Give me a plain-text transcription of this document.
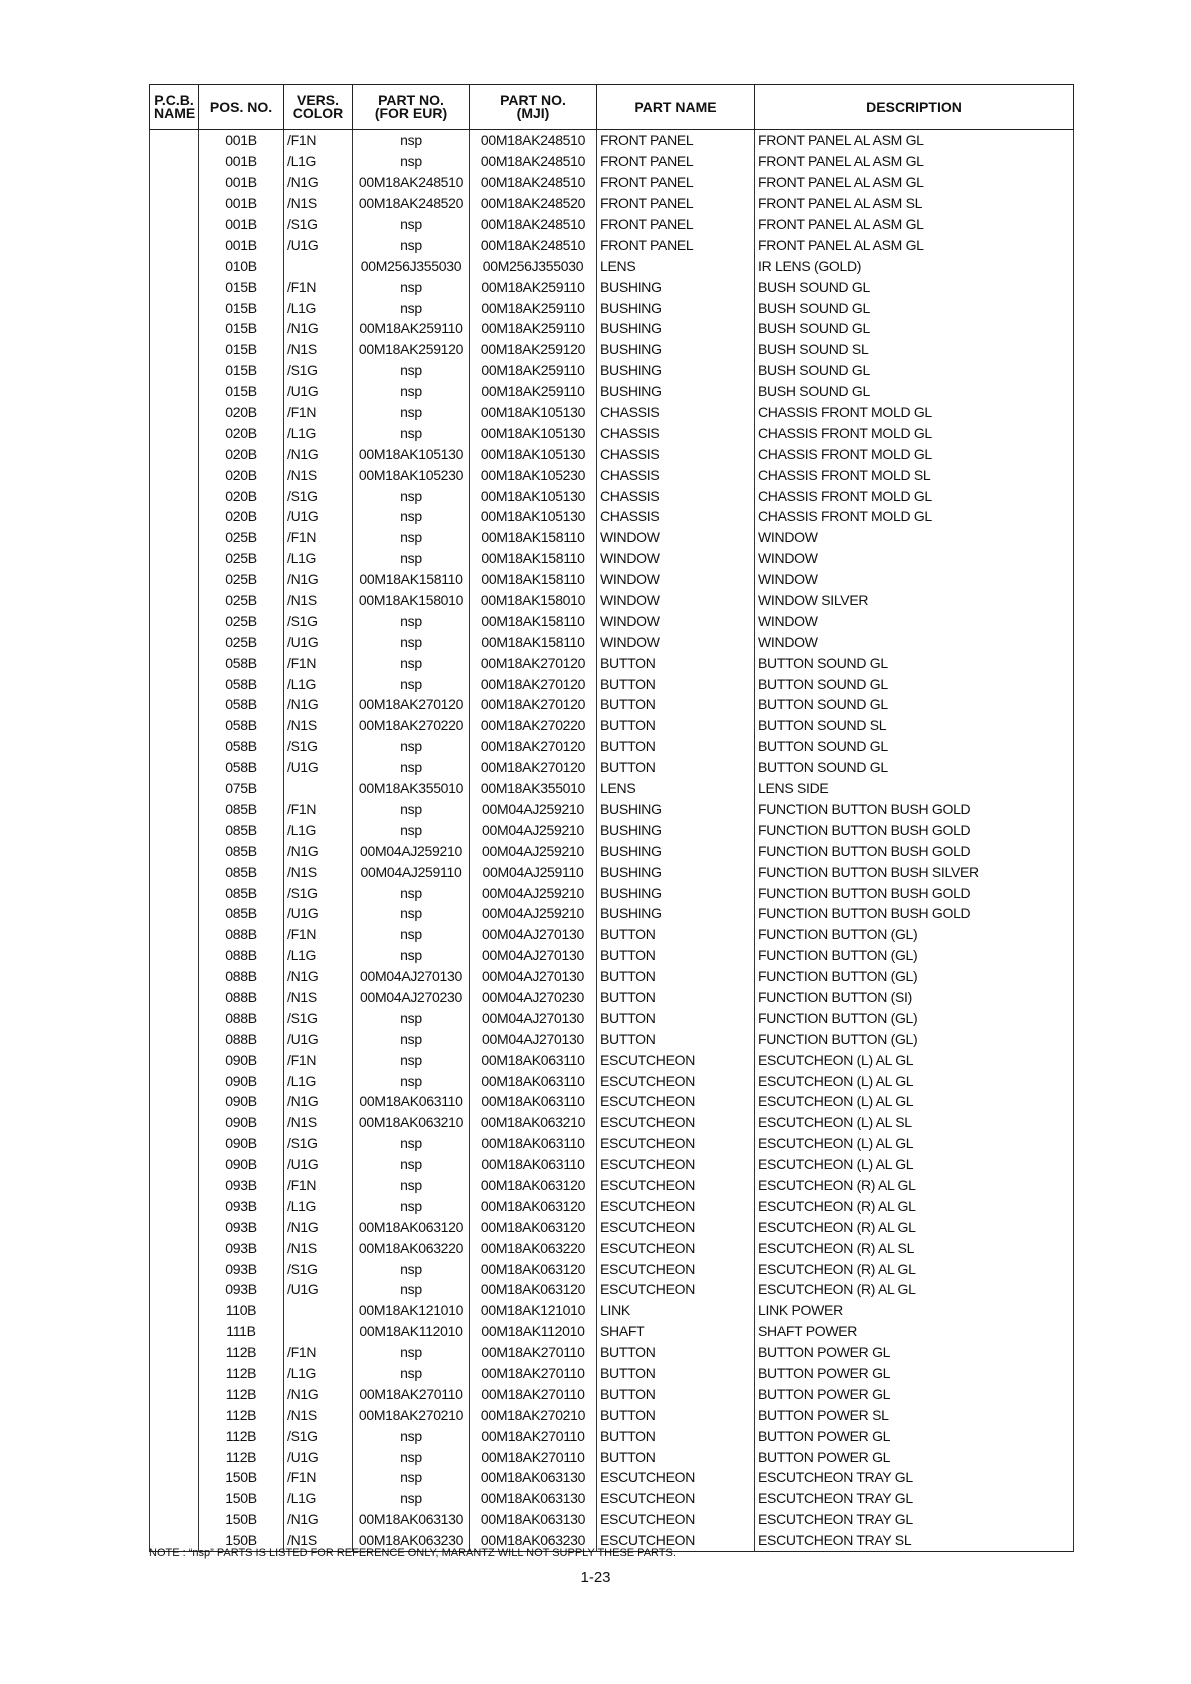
P.C.B. NAME	POS. NO.	VERS. COLOR	PART NO. (FOR EUR)	PART NO. (MJI)	PART NAME	DESCRIPTION
	001B	/F1N	nsp	00M18AK248510	FRONT PANEL	FRONT PANEL AL ASM GL
	001B	/L1G	nsp	00M18AK248510	FRONT PANEL	FRONT PANEL AL ASM GL
	001B	/N1G	00M18AK248510	00M18AK248510	FRONT PANEL	FRONT PANEL AL ASM GL
	001B	/N1S	00M18AK248520	00M18AK248520	FRONT PANEL	FRONT PANEL AL ASM SL
	001B	/S1G	nsp	00M18AK248510	FRONT PANEL	FRONT PANEL AL ASM GL
	001B	/U1G	nsp	00M18AK248510	FRONT PANEL	FRONT PANEL AL ASM GL
	010B		00M256J355030	00M256J355030	LENS	IR LENS (GOLD)
	015B	/F1N	nsp	00M18AK259110	BUSHING	BUSH SOUND GL
	015B	/L1G	nsp	00M18AK259110	BUSHING	BUSH SOUND GL
	015B	/N1G	00M18AK259110	00M18AK259110	BUSHING	BUSH SOUND GL
	015B	/N1S	00M18AK259120	00M18AK259120	BUSHING	BUSH SOUND SL
	015B	/S1G	nsp	00M18AK259110	BUSHING	BUSH SOUND GL
	015B	/U1G	nsp	00M18AK259110	BUSHING	BUSH SOUND GL
	020B	/F1N	nsp	00M18AK105130	CHASSIS	CHASSIS FRONT MOLD GL
	020B	/L1G	nsp	00M18AK105130	CHASSIS	CHASSIS FRONT MOLD GL
	020B	/N1G	00M18AK105130	00M18AK105130	CHASSIS	CHASSIS FRONT MOLD GL
	020B	/N1S	00M18AK105230	00M18AK105230	CHASSIS	CHASSIS FRONT MOLD SL
	020B	/S1G	nsp	00M18AK105130	CHASSIS	CHASSIS FRONT MOLD GL
	020B	/U1G	nsp	00M18AK105130	CHASSIS	CHASSIS FRONT MOLD GL
	025B	/F1N	nsp	00M18AK158110	WINDOW	WINDOW
	025B	/L1G	nsp	00M18AK158110	WINDOW	WINDOW
	025B	/N1G	00M18AK158110	00M18AK158110	WINDOW	WINDOW
	025B	/N1S	00M18AK158010	00M18AK158010	WINDOW	WINDOW SILVER
	025B	/S1G	nsp	00M18AK158110	WINDOW	WINDOW
	025B	/U1G	nsp	00M18AK158110	WINDOW	WINDOW
	058B	/F1N	nsp	00M18AK270120	BUTTON	BUTTON SOUND GL
	058B	/L1G	nsp	00M18AK270120	BUTTON	BUTTON SOUND GL
	058B	/N1G	00M18AK270120	00M18AK270120	BUTTON	BUTTON SOUND GL
	058B	/N1S	00M18AK270220	00M18AK270220	BUTTON	BUTTON SOUND SL
	058B	/S1G	nsp	00M18AK270120	BUTTON	BUTTON SOUND GL
	058B	/U1G	nsp	00M18AK270120	BUTTON	BUTTON SOUND GL
	075B		00M18AK355010	00M18AK355010	LENS	LENS SIDE
	085B	/F1N	nsp	00M04AJ259210	BUSHING	FUNCTION BUTTON BUSH GOLD
	085B	/L1G	nsp	00M04AJ259210	BUSHING	FUNCTION BUTTON BUSH GOLD
	085B	/N1G	00M04AJ259210	00M04AJ259210	BUSHING	FUNCTION BUTTON BUSH GOLD
	085B	/N1S	00M04AJ259110	00M04AJ259110	BUSHING	FUNCTION BUTTON BUSH SILVER
	085B	/S1G	nsp	00M04AJ259210	BUSHING	FUNCTION BUTTON BUSH GOLD
	085B	/U1G	nsp	00M04AJ259210	BUSHING	FUNCTION BUTTON BUSH GOLD
	088B	/F1N	nsp	00M04AJ270130	BUTTON	FUNCTION BUTTON (GL)
	088B	/L1G	nsp	00M04AJ270130	BUTTON	FUNCTION BUTTON (GL)
	088B	/N1G	00M04AJ270130	00M04AJ270130	BUTTON	FUNCTION BUTTON (GL)
	088B	/N1S	00M04AJ270230	00M04AJ270230	BUTTON	FUNCTION BUTTON (SI)
	088B	/S1G	nsp	00M04AJ270130	BUTTON	FUNCTION BUTTON (GL)
	088B	/U1G	nsp	00M04AJ270130	BUTTON	FUNCTION BUTTON (GL)
	090B	/F1N	nsp	00M18AK063110	ESCUTCHEON	ESCUTCHEON (L) AL GL
	090B	/L1G	nsp	00M18AK063110	ESCUTCHEON	ESCUTCHEON (L) AL GL
	090B	/N1G	00M18AK063110	00M18AK063110	ESCUTCHEON	ESCUTCHEON (L) AL GL
	090B	/N1S	00M18AK063210	00M18AK063210	ESCUTCHEON	ESCUTCHEON (L) AL SL
	090B	/S1G	nsp	00M18AK063110	ESCUTCHEON	ESCUTCHEON (L) AL GL
	090B	/U1G	nsp	00M18AK063110	ESCUTCHEON	ESCUTCHEON (L) AL GL
	093B	/F1N	nsp	00M18AK063120	ESCUTCHEON	ESCUTCHEON (R) AL GL
	093B	/L1G	nsp	00M18AK063120	ESCUTCHEON	ESCUTCHEON (R) AL GL
	093B	/N1G	00M18AK063120	00M18AK063120	ESCUTCHEON	ESCUTCHEON (R) AL GL
	093B	/N1S	00M18AK063220	00M18AK063220	ESCUTCHEON	ESCUTCHEON (R) AL SL
	093B	/S1G	nsp	00M18AK063120	ESCUTCHEON	ESCUTCHEON (R) AL GL
	093B	/U1G	nsp	00M18AK063120	ESCUTCHEON	ESCUTCHEON (R) AL GL
	110B		00M18AK121010	00M18AK121010	LINK	LINK POWER
	111B		00M18AK112010	00M18AK112010	SHAFT	SHAFT POWER
	112B	/F1N	nsp	00M18AK270110	BUTTON	BUTTON POWER GL
	112B	/L1G	nsp	00M18AK270110	BUTTON	BUTTON POWER GL
	112B	/N1G	00M18AK270110	00M18AK270110	BUTTON	BUTTON POWER GL
	112B	/N1S	00M18AK270210	00M18AK270210	BUTTON	BUTTON POWER SL
	112B	/S1G	nsp	00M18AK270110	BUTTON	BUTTON POWER GL
	112B	/U1G	nsp	00M18AK270110	BUTTON	BUTTON POWER GL
	150B	/F1N	nsp	00M18AK063130	ESCUTCHEON	ESCUTCHEON TRAY GL
	150B	/L1G	nsp	00M18AK063130	ESCUTCHEON	ESCUTCHEON TRAY GL
	150B	/N1G	00M18AK063130	00M18AK063130	ESCUTCHEON	ESCUTCHEON TRAY GL
	150B	/N1S	00M18AK063230	00M18AK063230	ESCUTCHEON	ESCUTCHEON TRAY SL
NOTE : “nsp” PARTS IS LISTED FOR REFERENCE ONLY, MARANTZ WILL NOT SUPPLY THESE PARTS.
1-23
